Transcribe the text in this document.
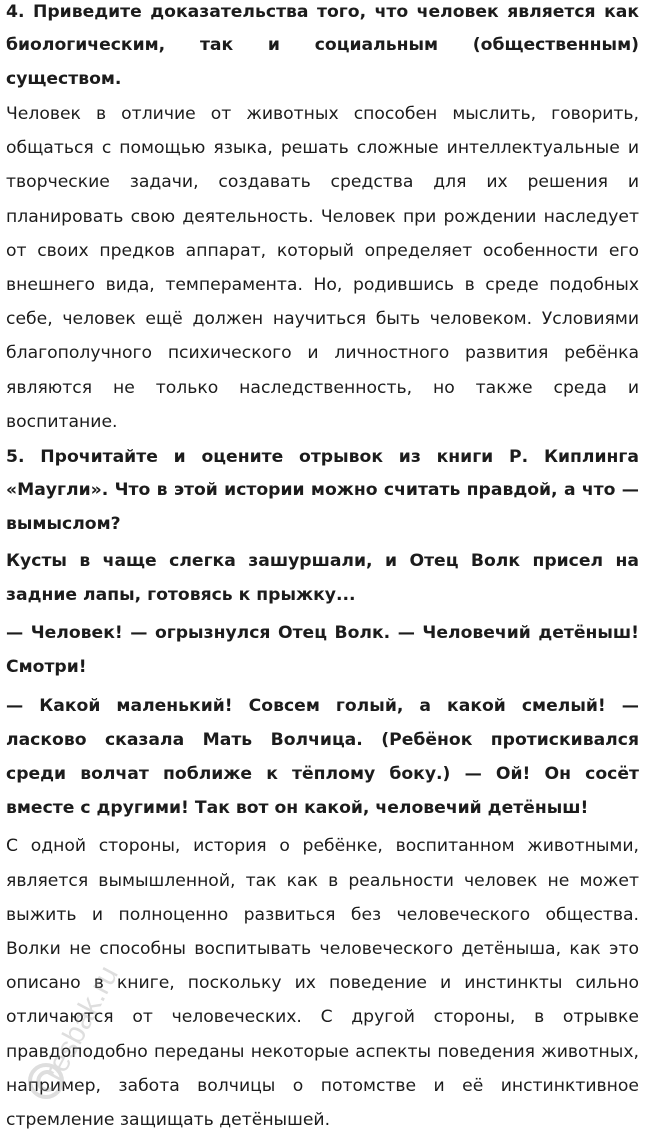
4. Приведите доказательства того, что человек является как биологическим, так и социальным (общественным) существом.

Человек в отличие от животных способен мыслить, говорить, общаться с помощью языка, решать сложные интеллектуальные и творческие задачи, создавать средства для их решения и планировать свою деятельность. Человек при рождении наследует от своих предков аппарат, который определяет особенности его внешнего вида, темперамента. Но, родившись в среде подобных себе, человек ещё должен научиться быть человеком. Условиями благополучного психического и личностного развития ребёнка являются не только наследственность, но также среда и воспитание.

5. Прочитайте и оцените отрывок из книги Р. Киплинга «Маугли». Что в этой истории можно считать правдой, а что — вымыслом?

Кусты в чаще слегка зашуршали, и Отец Волк присел на задние лапы, готовясь к прыжку...

— Человек! — огрызнулся Отец Волк. — Человечий детёныш! Смотри!

— Какой маленький! Совсем голый, а какой смелый! — ласково сказала Мать Волчица. (Ребёнок протискивался среди волчат поближе к тёплому боку.) — Ой! Он сосёт вместе с другими! Так вот он какой, человечий детёныш!

С одной стороны, история о ребёнке, воспитанном животными, является вымышленной, так как в реальности человек не может выжить и полноценно развиться без человеческого общества. Волки не способны воспитывать человеческого детёныша, как это описано в книге, поскольку их поведение и инстинкты сильно отличаются от человеческих. С другой стороны, в отрывке правдоподобно переданы некоторые аспекты поведения животных, например, забота волчицы о потомстве и её инстинктивное стремление защищать детёнышей.

resbak.ru
